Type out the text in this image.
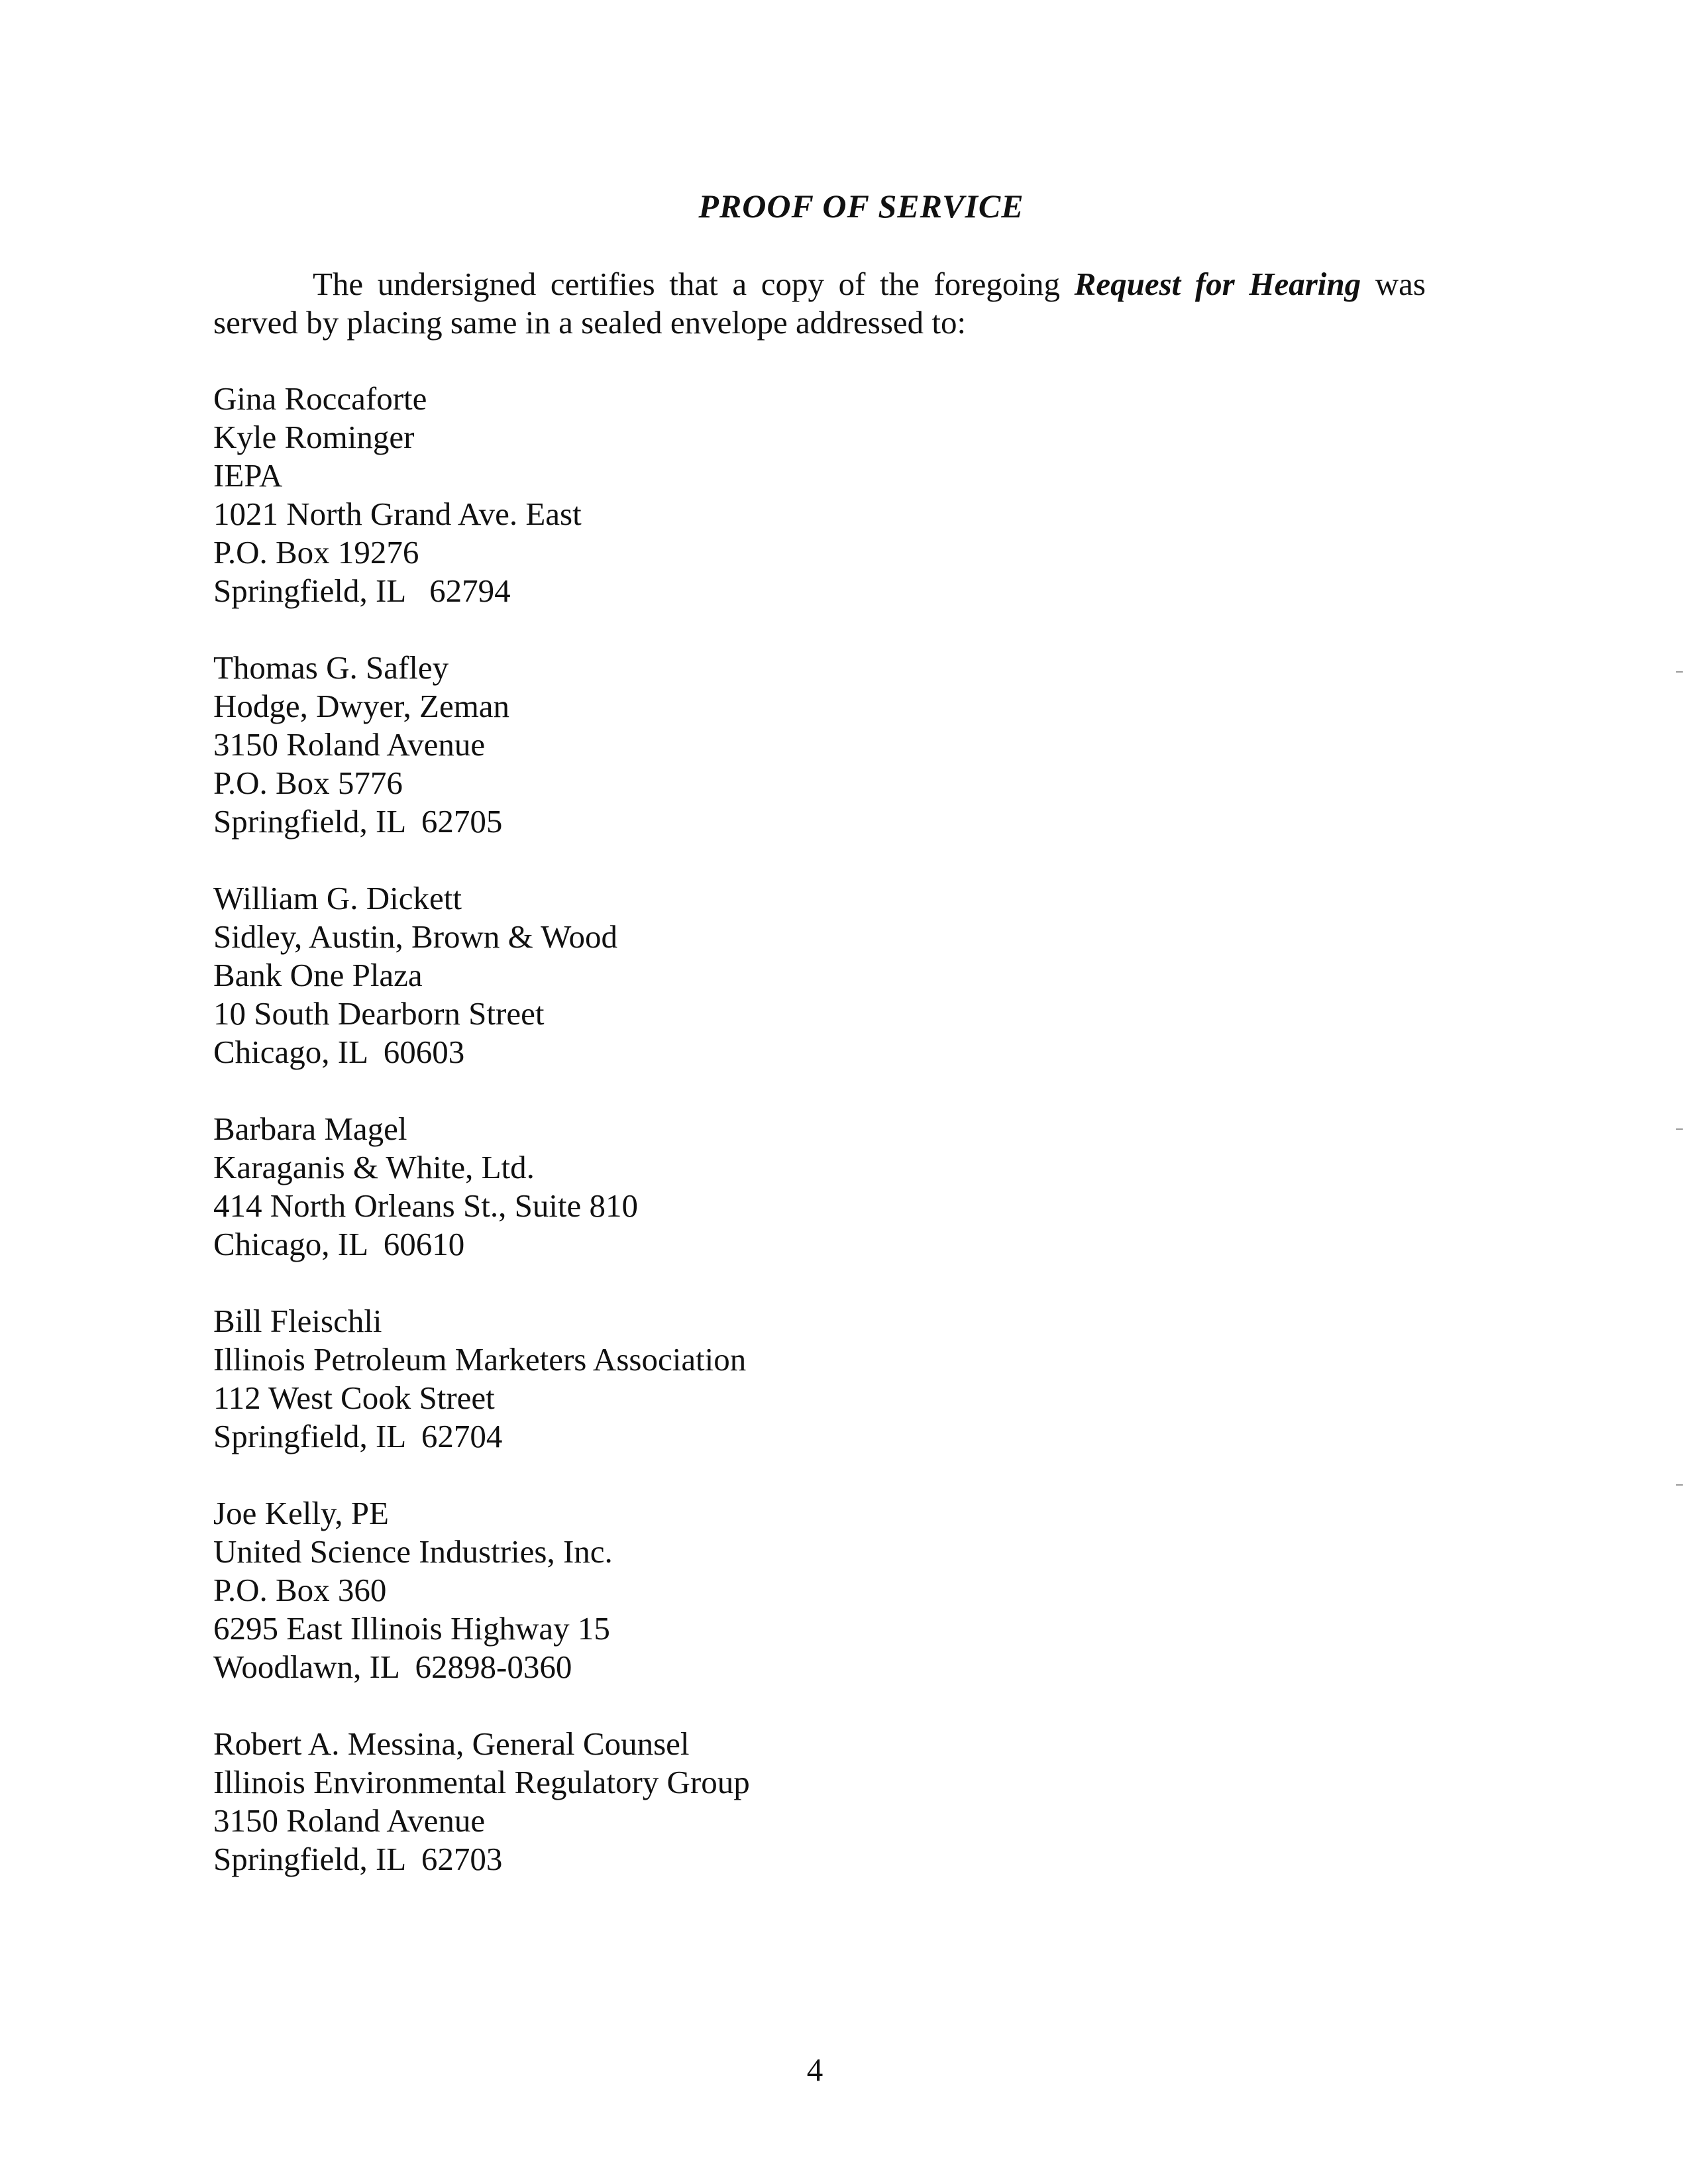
PROOF OF SERVICE

The undersigned certifies that a copy of the foregoing Request for Hearing was served by placing same in a sealed envelope addressed to:

Gina Roccaforte
Kyle Rominger
IEPA
1021 North Grand Ave. East
P.O. Box 19276
Springfield, IL   62794
Thomas G. Safley
Hodge, Dwyer, Zeman
3150 Roland Avenue
P.O. Box 5776
Springfield, IL  62705
William G. Dickett
Sidley, Austin, Brown & Wood
Bank One Plaza
10 South Dearborn Street
Chicago, IL  60603
Barbara Magel
Karaganis & White, Ltd.
414 North Orleans St., Suite 810
Chicago, IL  60610
Bill Fleischli
Illinois Petroleum Marketers Association
112 West Cook Street
Springfield, IL  62704
Joe Kelly, PE
United Science Industries, Inc.
P.O. Box 360
6295 East Illinois Highway 15
Woodlawn, IL  62898-0360
Robert A. Messina, General Counsel
Illinois Environmental Regulatory Group
3150 Roland Avenue
Springfield, IL  62703
4
